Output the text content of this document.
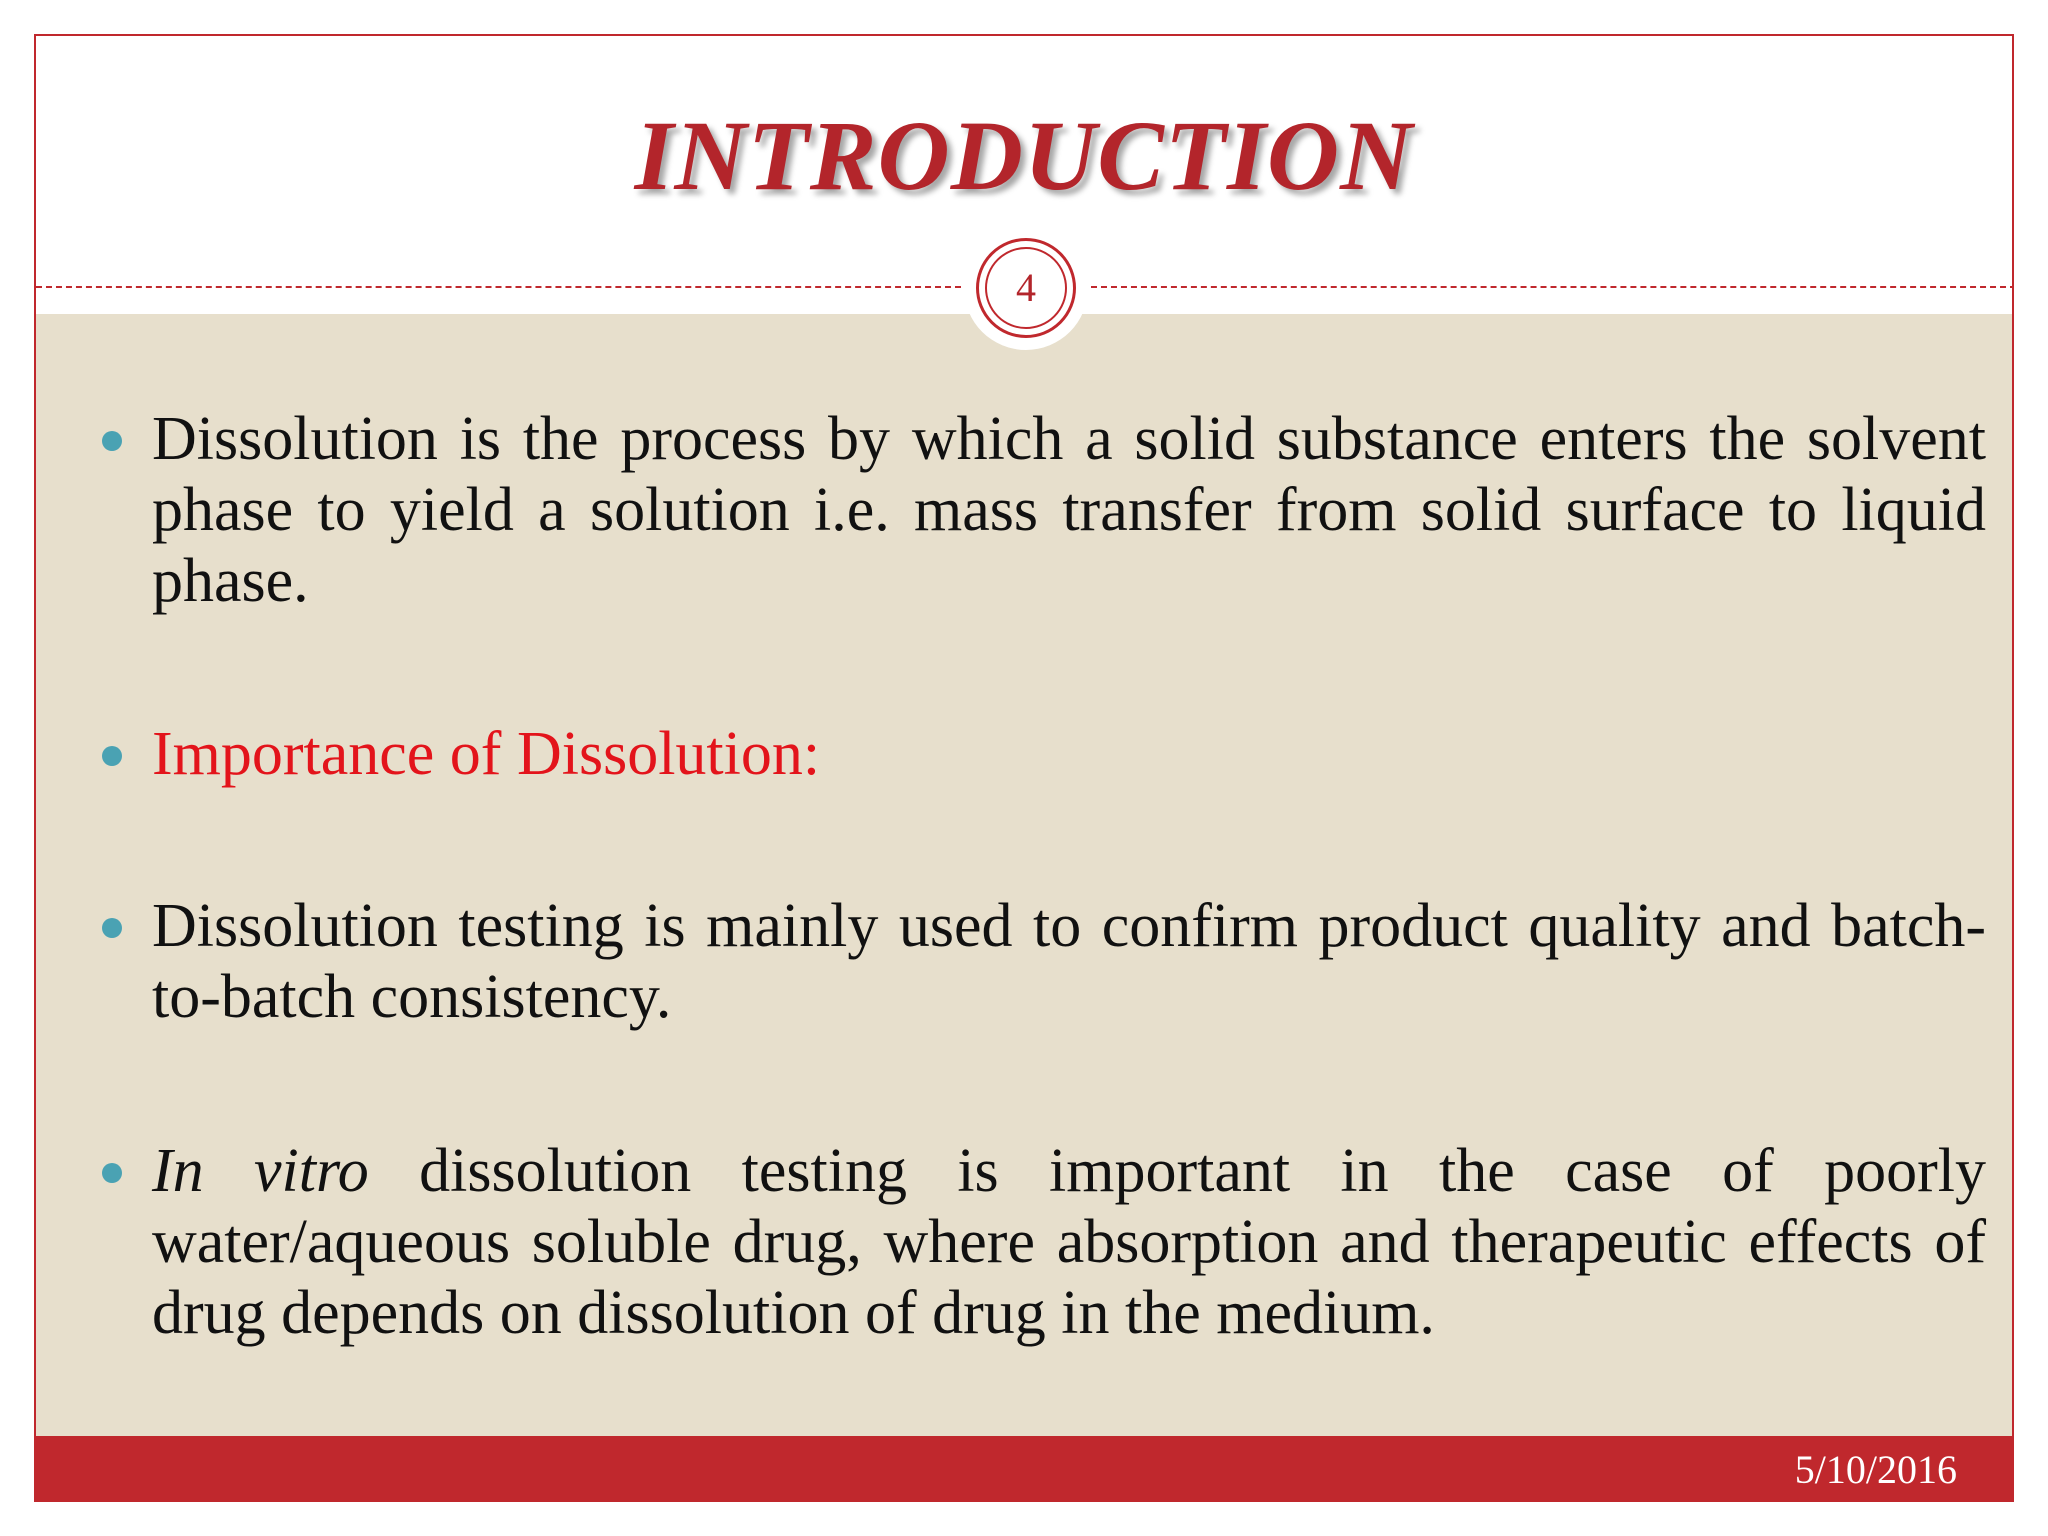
INTRODUCTION
4
Dissolution is the process by which a solid substance enters the solvent phase to yield a solution i.e. mass transfer from solid surface to liquid phase.
Importance of Dissolution:
Dissolution testing is mainly used to confirm product quality and batch-to-batch consistency.
In vitro dissolution testing is important in the case of poorly water/aqueous soluble drug, where absorption and therapeutic effects of drug depends on dissolution of drug in the medium.
5/10/2016
